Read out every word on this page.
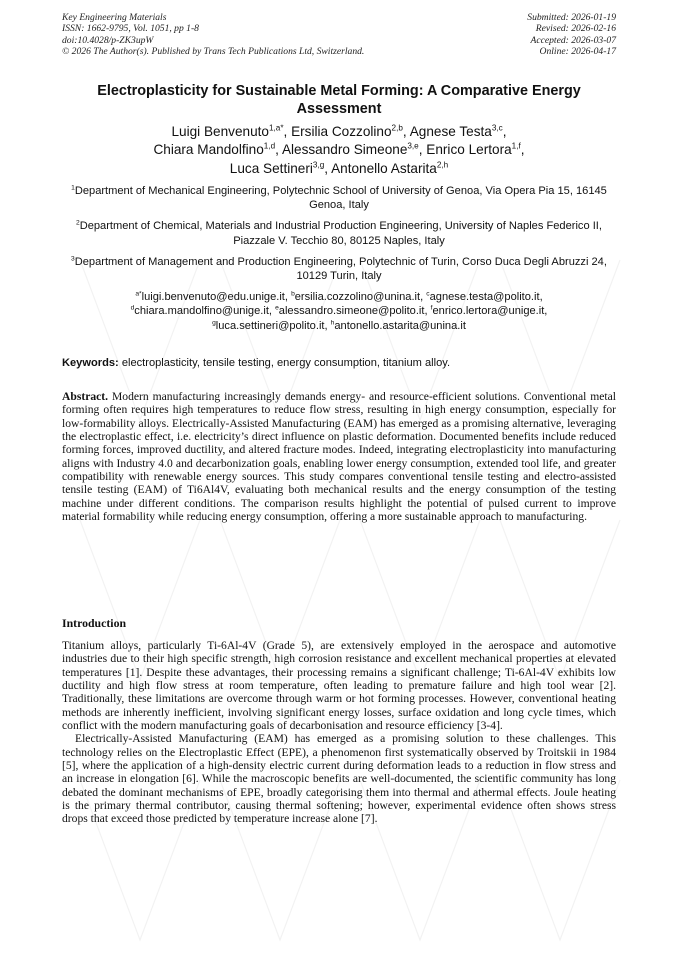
Key Engineering Materials
ISSN: 1662-9795, Vol. 1051, pp 1-8
doi:10.4028/p-ZK3upW
© 2026 The Author(s). Published by Trans Tech Publications Ltd, Switzerland.
Submitted: 2026-01-19
Revised: 2026-02-16
Accepted: 2026-03-07
Online: 2026-04-17
Electroplasticity for Sustainable Metal Forming: A Comparative Energy Assessment
Luigi Benvenuto$^{1,a*}$, Ersilia Cozzolino$^{2,b}$, Agnese Testa$^{3,c}$,
Chiara Mandolfino$^{1,d}$, Alessandro Simeone$^{3,e}$, Enrico Lertora$^{1,f}$,
Luca Settineri$^{3,g}$, Antonello Astarita$^{2,h}$
$^1$Department of Mechanical Engineering, Polytechnic School of University of Genoa, Via Opera Pia 15, 16145 Genoa, Italy
$^2$Department of Chemical, Materials and Industrial Production Engineering, University of Naples Federico II, Piazzale V. Tecchio 80, 80125 Naples, Italy
$^3$Department of Management and Production Engineering, Polytechnic of Turin, Corso Duca Degli Abruzzi 24, 10129 Turin, Italy
$^{a*}$luigi.benvenuto@edu.unige.it, $^b$ersilia.cozzolino@unina.it, $^c$agnese.testa@polito.it,
$^d$chiara.mandolfino@unige.it, $^e$alessandro.simeone@polito.it, $^f$enrico.lertora@unige.it,
$^g$luca.settineri@polito.it, $^h$antonello.astarita@unina.it
Keywords: electroplasticity, tensile testing, energy consumption, titanium alloy.
Abstract. Modern manufacturing increasingly demands energy- and resource-efficient solutions. Conventional metal forming often requires high temperatures to reduce flow stress, resulting in high energy consumption, especially for low-formability alloys. Electrically-Assisted Manufacturing (EAM) has emerged as a promising alternative, leveraging the electroplastic effect, i.e. electricity’s direct influence on plastic deformation. Documented benefits include reduced forming forces, improved ductility, and altered fracture modes. Indeed, integrating electroplasticity into manufacturing aligns with Industry 4.0 and decarbonization goals, enabling lower energy consumption, extended tool life, and greater compatibility with renewable energy sources. This study compares conventional tensile testing and electro-assisted tensile testing (EAM) of Ti6Al4V, evaluating both mechanical results and the energy consumption of the testing machine under different conditions. The comparison results highlight the potential of pulsed current to improve material formability while reducing energy consumption, offering a more sustainable approach to manufacturing.
Introduction

Titanium alloys, particularly Ti-6Al-4V (Grade 5), are extensively employed in the aerospace and automotive industries due to their high specific strength, high corrosion resistance and excellent mechanical properties at elevated temperatures [1]. Despite these advantages, their processing remains a significant challenge; Ti-6Al-4V exhibits low ductility and high flow stress at room temperature, often leading to premature failure and high tool wear [2]. Traditionally, these limitations are overcome through warm or hot forming processes. However, conventional heating methods are inherently inefficient, involving significant energy losses, surface oxidation and long cycle times, which conflict with the modern manufacturing goals of decarbonisation and resource efficiency [3-4].

Electrically-Assisted Manufacturing (EAM) has emerged as a promising solution to these challenges. This technology relies on the Electroplastic Effect (EPE), a phenomenon first systematically observed by Troitskii in 1984 [5], where the application of a high-density electric current during deformation leads to a reduction in flow stress and an increase in elongation [6]. While the macroscopic benefits are well-documented, the scientific community has long debated the dominant mechanisms of EPE, broadly categorising them into thermal and athermal effects. Joule heating is the primary thermal contributor, causing thermal softening; however, experimental evidence often shows stress drops that exceed those predicted by temperature increase alone [7].
